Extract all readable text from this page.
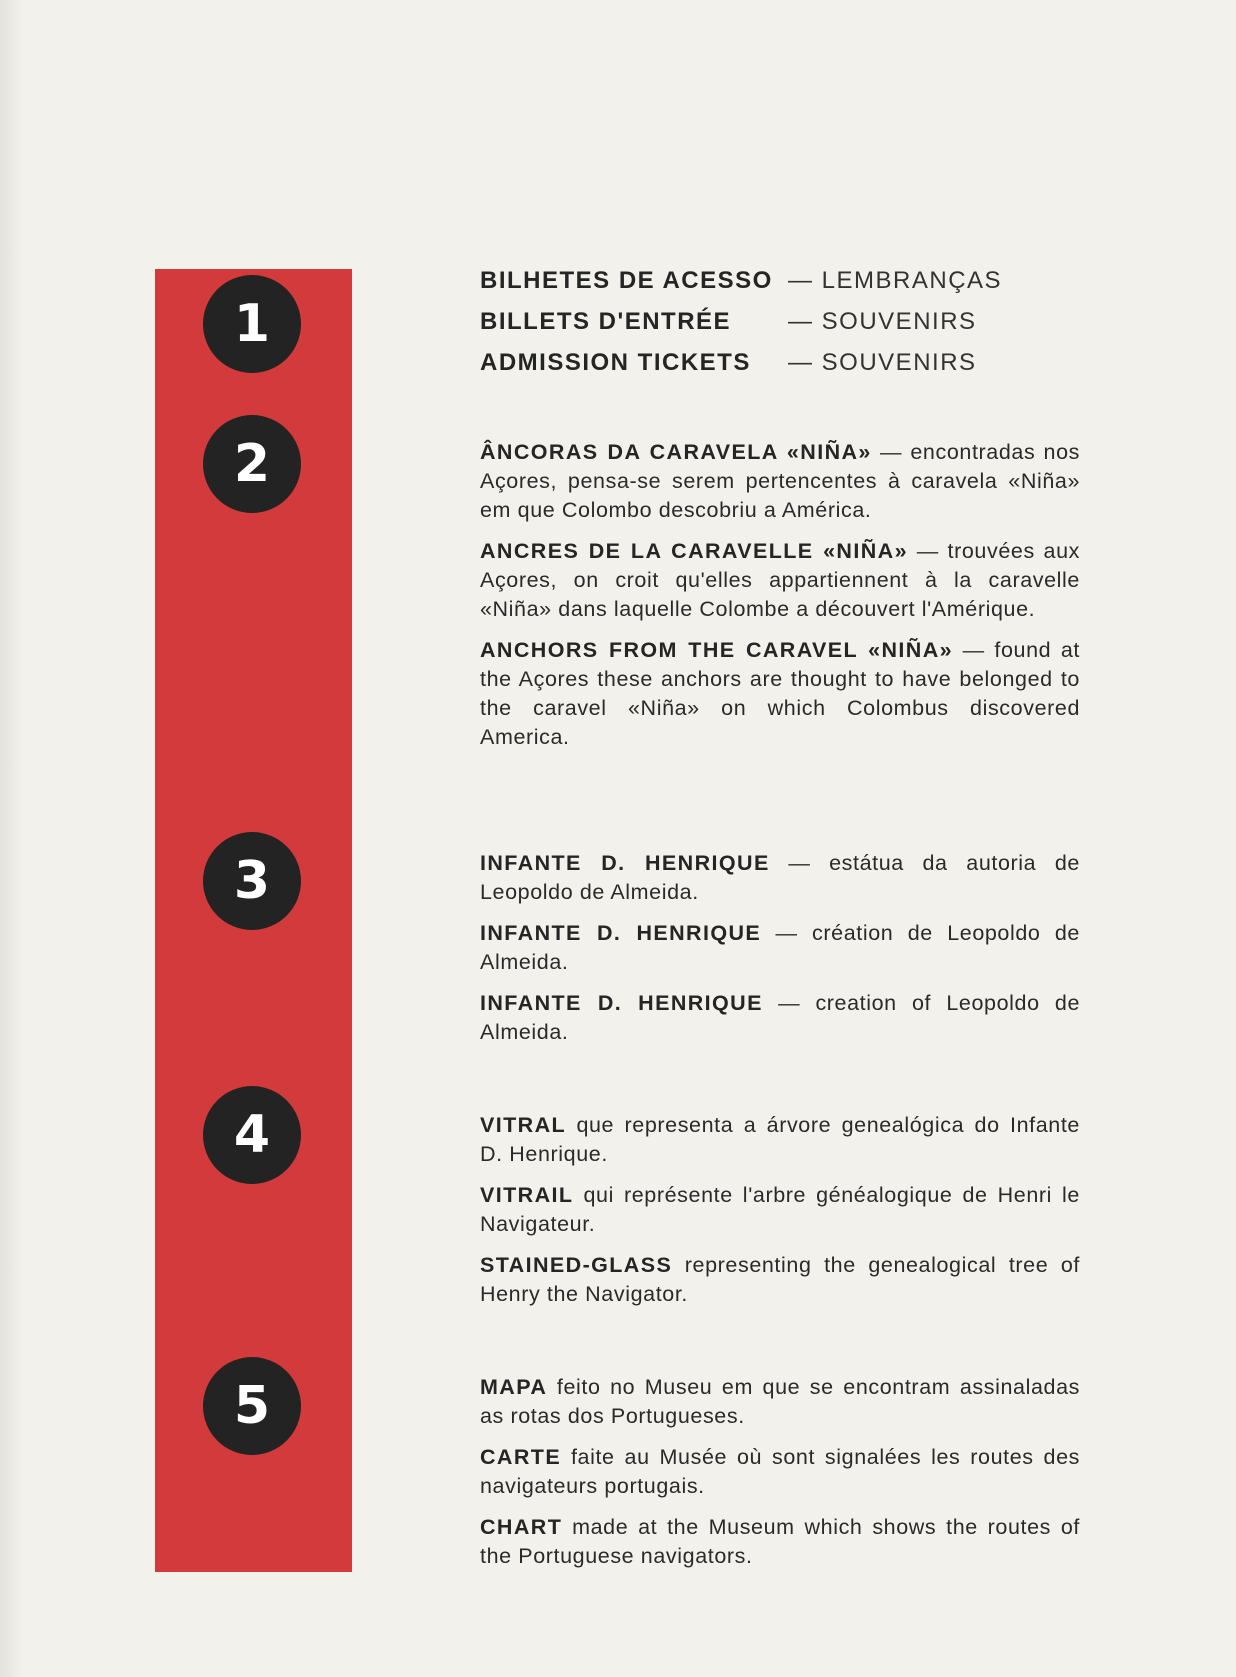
1
2
3
4
5
BILHETES DE ACESSO — LEMBRANÇAS
BILLETS D'ENTRÉE	— SOUVENIRS
ADMISSION TICKETS	— SOUVENIRS

ÂNCORAS DA CARAVELA «NIÑA» — encontradas nos Açores, pensa-se serem pertencentes à caravela «Niña» em que Colombo descobriu a América.

ANCRES DE LA CARAVELLE «NIÑA» — trouvées aux Açores, on croit qu'elles appartiennent à la caravelle «Niña» dans laquelle Colombe a découvert l'Amérique.

ANCHORS FROM THE CARAVEL «NIÑA» — found at the Açores these anchors are thought to have belonged to the caravel «Niña» on which Colombus discovered America.

INFANTE D. HENRIQUE — estátua da autoria de Leopoldo de Almeida.

INFANTE D. HENRIQUE — création de Leopoldo de Almeida.

INFANTE D. HENRIQUE — creation of Leopoldo de Almeida.

VITRAL que representa a árvore genealógica do Infante D. Henrique.

VITRAIL qui représente l'arbre généalogique de Henri le Navigateur.

STAINED-GLASS representing the genealogical tree of Henry the Navigator.

MAPA feito no Museu em que se encontram assinaladas as rotas dos Portugueses.

CARTE faite au Musée où sont signalées les routes des navigateurs portugais.

CHART made at the Museum which shows the routes of the Portuguese navigators.
